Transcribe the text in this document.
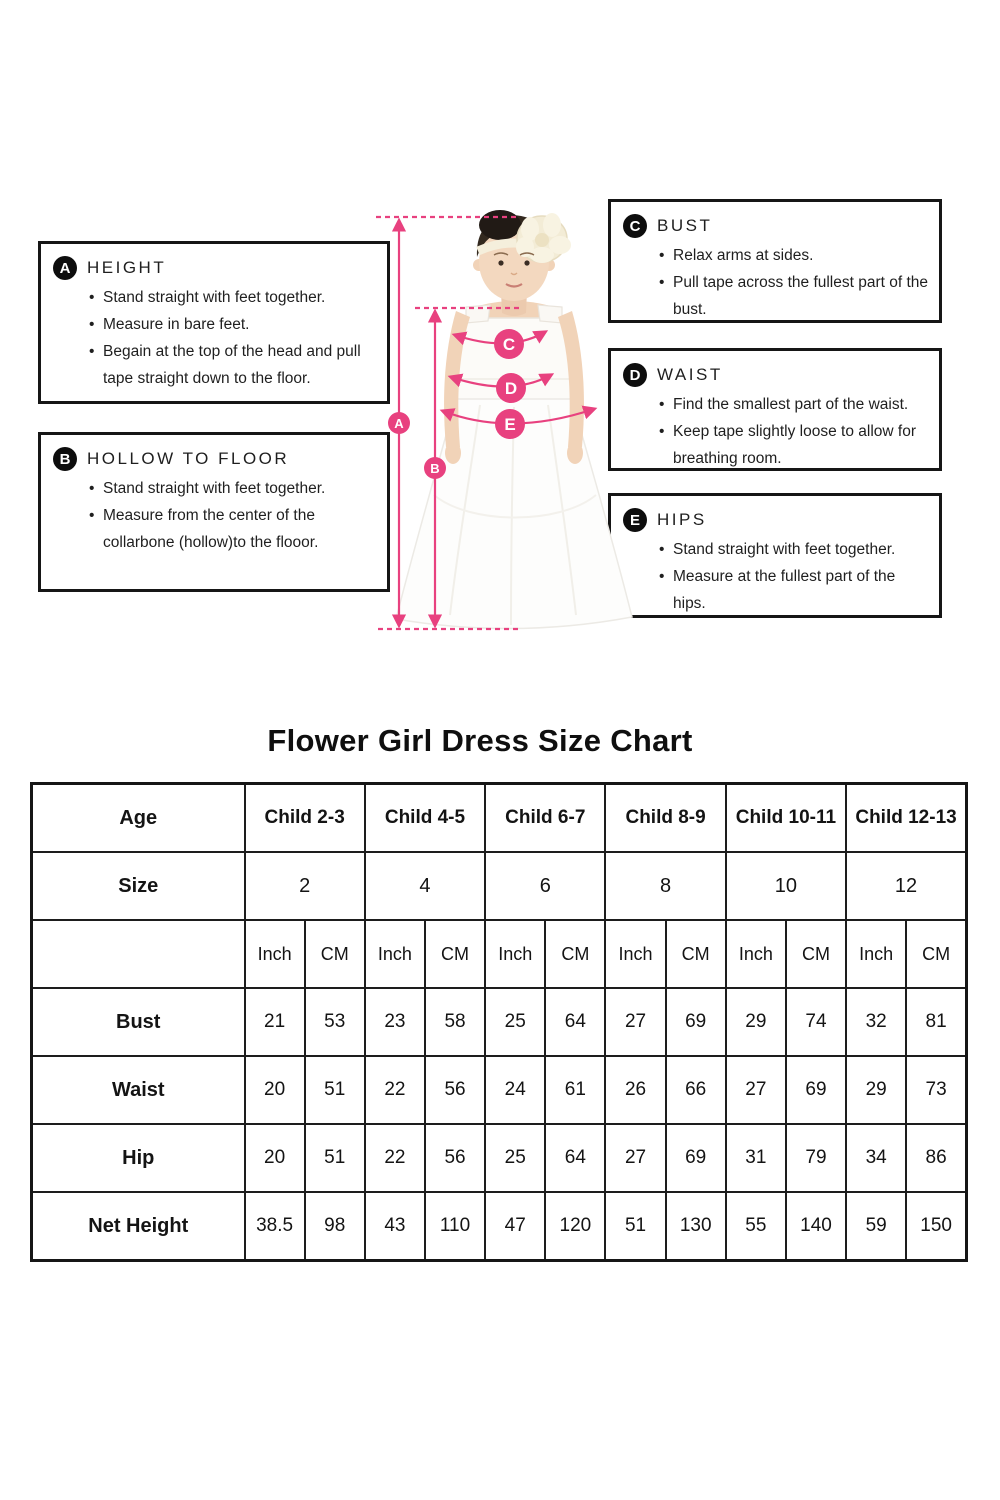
A HEIGHT
• Stand straight with feet together.
• Measure in bare feet.
• Begain at the top of the head and pull tape straight down to the floor.
B HOLLOW TO FLOOR
• Stand straight with feet together.
• Measure from the center of the collarbone (hollow)to the flooor.
C BUST
• Relax arms at sides.
• Pull tape across the fullest part of the bust.
D WAIST
• Find the smallest part of the waist.
• Keep tape slightly loose to allow for breathing room.
E	HIPS
• Stand straight with feet together.
• Measure at the fullest part of the hips.
A
B
C
D
E
Flower Girl Dress Size Chart
Age	Child 2-3		Child 4-5		Child 6-7		Child 8-9		Child 10-11		Child 12-13	
Size	2		4		6		8		10		12	
	Inch	CM	Inch	CM	Inch	CM	Inch	CM	Inch	CM	Inch	CM
Bust	21	53	23	58	25	64	27	69	29	74	32	81
Waist	20	51	22	56	24	61	26	66	27	69	29	73
Hip	20	51	22	56	25	64	27	69	31	79	34	86
Net Height	38.5	98	43	110	47	120	51	130	55	140	59	150
